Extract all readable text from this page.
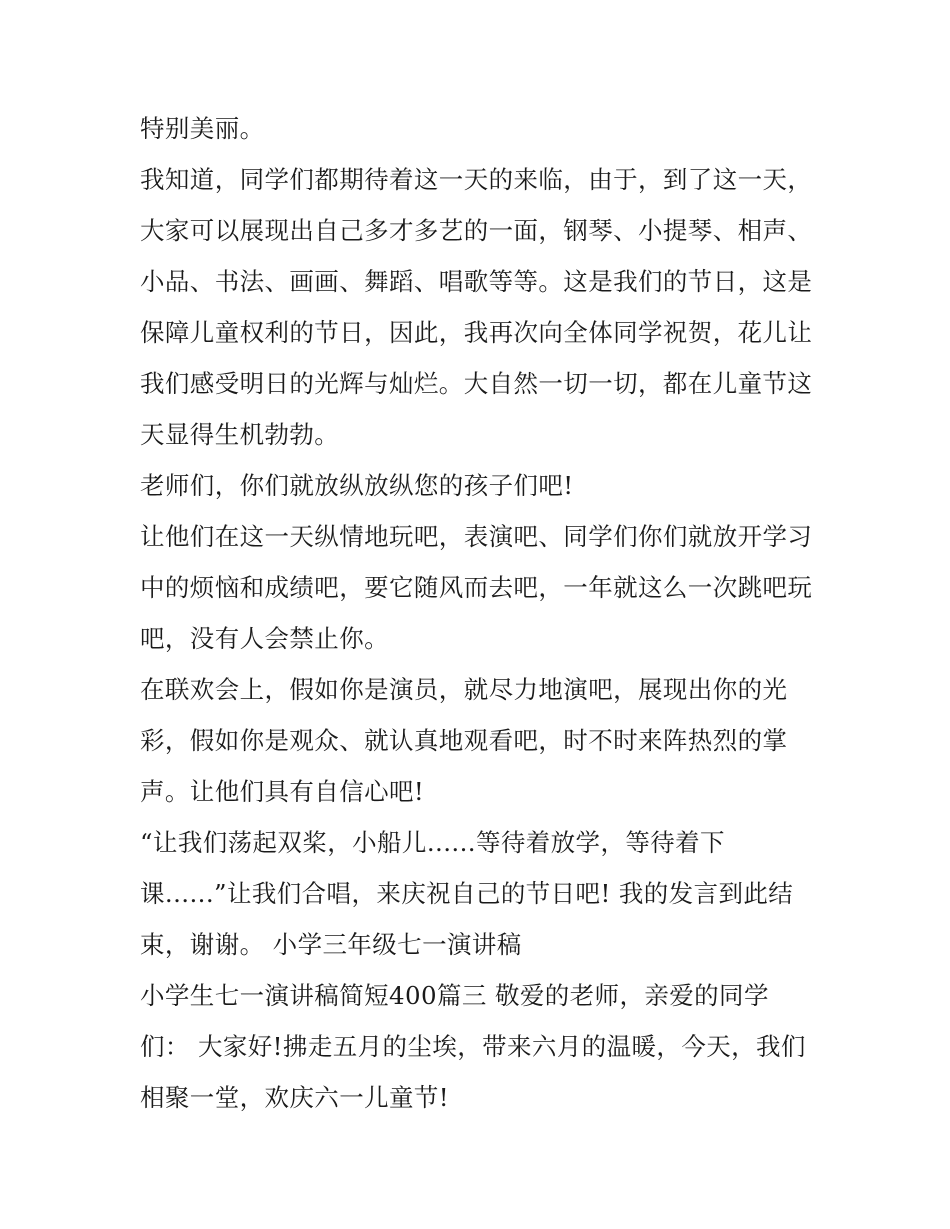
特别美丽。
我知道，同学们都期待着这一天的来临，由于，到了这一天，
大家可以展现出自己多才多艺的一面，钢琴、小提琴、相声、
小品、书法、画画、舞蹈、唱歌等等。这是我们的节日，这是
保障儿童权利的节日，因此，我再次向全体同学祝贺，花儿让
我们感受明日的光辉与灿烂。大自然一切一切，都在儿童节这
天显得生机勃勃。
老师们，你们就放纵放纵您的孩子们吧!
让他们在这一天纵情地玩吧，表演吧、同学们你们就放开学习
中的烦恼和成绩吧，要它随风而去吧，一年就这么一次跳吧玩
吧，没有人会禁止你。
在联欢会上，假如你是演员，就尽力地演吧，展现出你的光
彩，假如你是观众、就认真地观看吧，时不时来阵热烈的掌
声。让他们具有自信心吧!
“让我们荡起双桨，小船儿......等待着放学，等待着下
课......”让我们合唱，来庆祝自己的节日吧! 我的发言到此结
束，谢谢。 小学三年级七一演讲稿
小学生七一演讲稿简短400篇三 敬爱的老师，亲爱的同学
们： 大家好!拂走五月的尘埃，带来六月的温暖，今天，我们
相聚一堂，欢庆六一儿童节!
